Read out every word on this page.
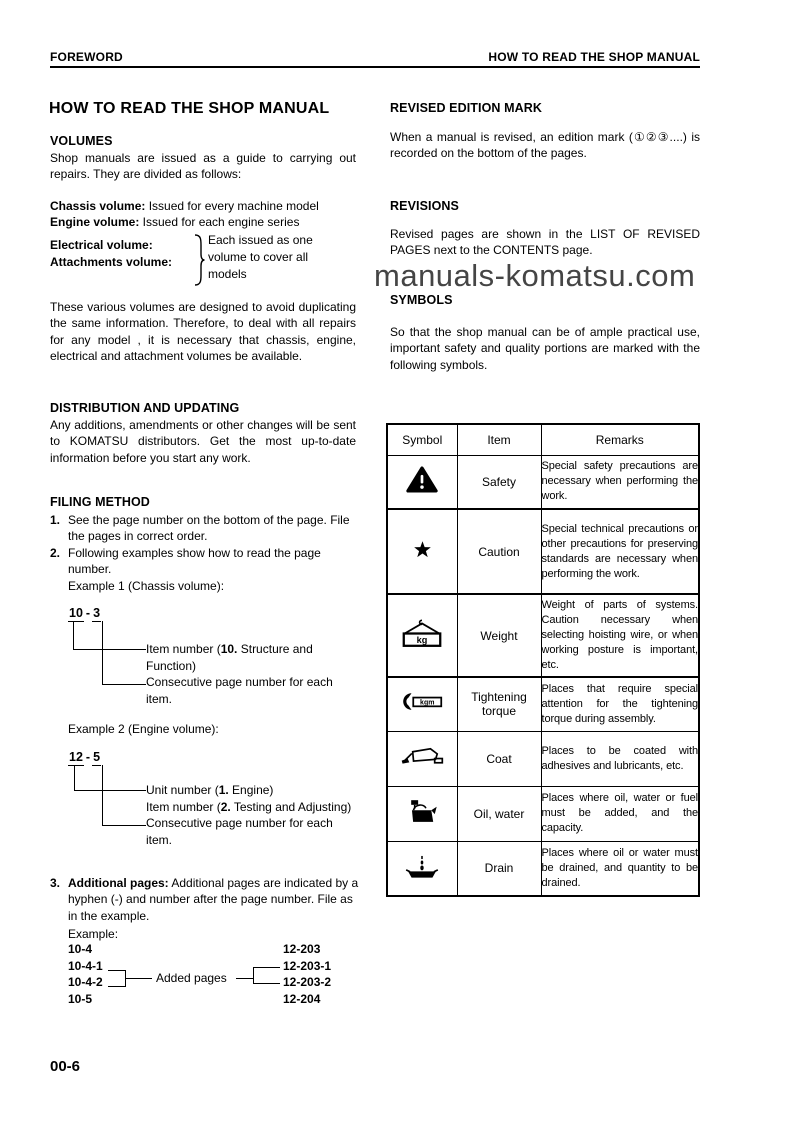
FOREWORD	HOW TO READ THE SHOP MANUAL
HOW TO READ THE SHOP MANUAL
VOLUMES
Shop manuals are issued as a guide to carrying out repairs. They are divided as follows:
Chassis volume: Issued for every machine model
Engine volume: Issued for each engine series
Electrical volume:
Attachments volume:
Each issued as one volume to cover all models
These various volumes are designed to avoid duplicating the same information. Therefore, to deal with all repairs for any model , it is necessary that chassis, engine, electrical and attachment volumes be available.
DISTRIBUTION AND UPDATING
Any additions, amendments or other changes will be sent to KOMATSU distributors. Get the most up-to-date information before you start any work.
FILING METHOD
1. See the page number on the bottom of the page. File the pages in correct order.
2. Following examples show how to read the page number.
Example 1 (Chassis volume):
10 - 3
Item number (10. Structure and Function)
Consecutive page number for each item.
Example 2 (Engine volume):
12 - 5
Unit number (1. Engine)
Item number (2. Testing and Adjusting)
Consecutive page number for each item.
3. Additional pages: Additional pages are indicated by a hyphen (-) and number after the page number. File as in the example.
Example:
10-4
10-4-1
10-4-2
10-5
12-203
12-203-1
12-203-2
12-204
Added pages
REVISED EDITION MARK
When a manual is revised, an edition mark (①②③....) is recorded on the bottom of the pages.
REVISIONS
Revised pages are shown in the LIST OF REVISED PAGES next to the CONTENTS page.
manuals-komatsu.com
SYMBOLS
So that the shop manual can be of ample practical use, important safety and quality portions are marked with the following symbols.
Symbol	Item	Remarks
	Safety	Special safety precautions are necessary when performing the work.
	Caution	Special technical precautions or other precautions for preserving standards are necessary when performing the work.

kg	Weight	Weight of parts of systems. Caution necessary when selecting hoisting wire, or when working posture is important, etc.

kgm	Tightening torque	Places that require special attention for the tightening torque during assembly.
	Coat	Places to be coated with adhesives and lubricants, etc.
	Oil, water	Places where oil, water or fuel must be added, and the capacity.
	Drain	Places where oil or water must be drained, and quantity to be drained.
00-6
